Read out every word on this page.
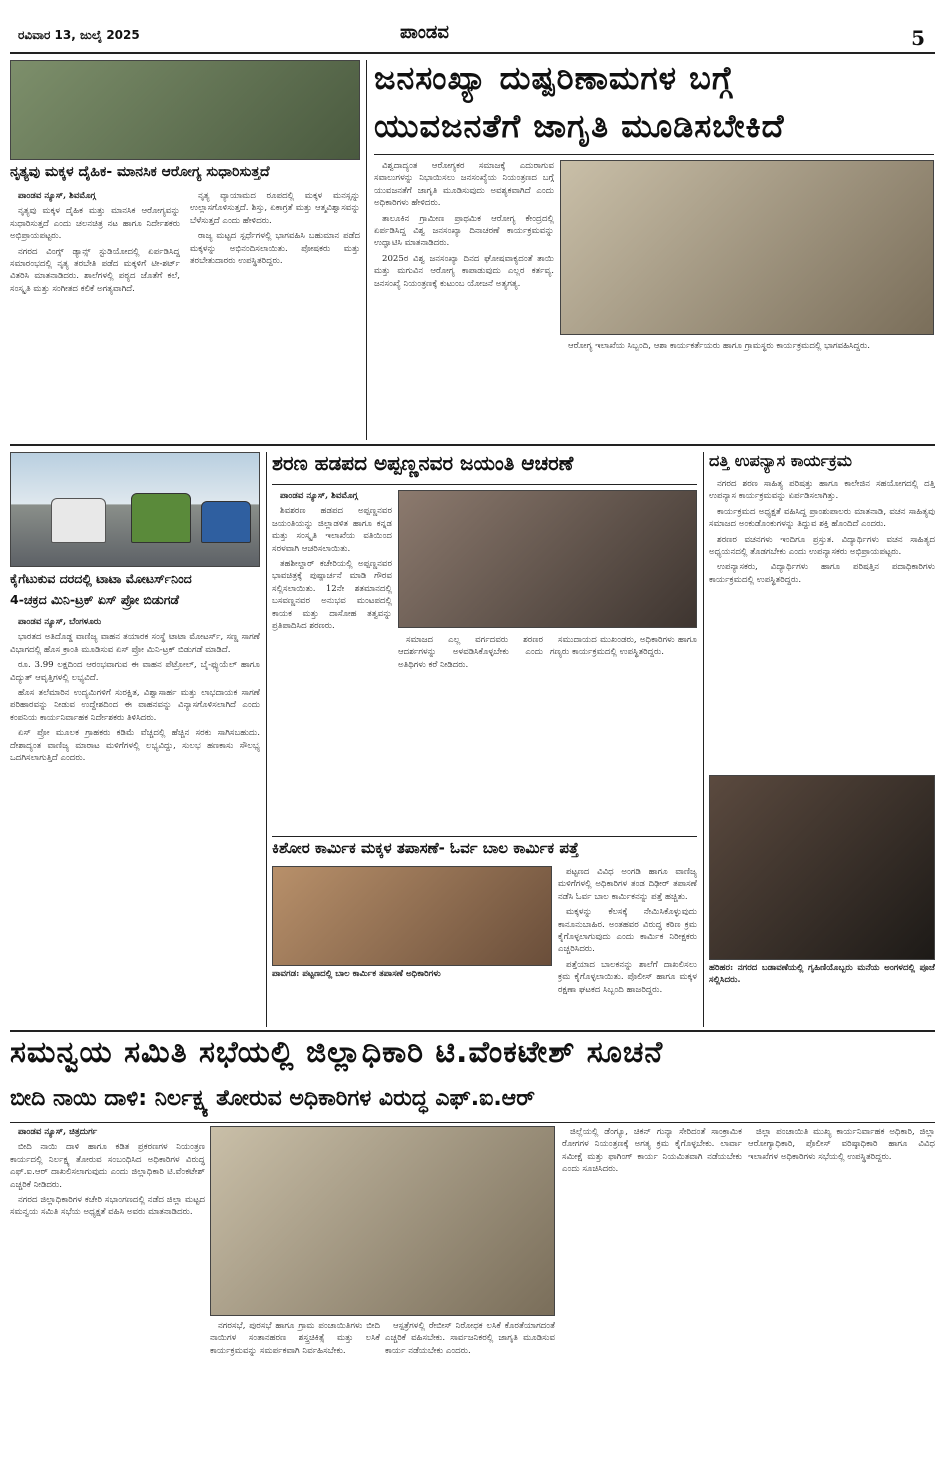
ರವಿವಾರ 13, ಜುಲೈ 2025	ಪಾಂಡವ	5
ನೃತ್ಯವು ಮಕ್ಕಳ ದೈಹಿಕ- ಮಾನಸಿಕ ಆರೋಗ್ಯ ಸುಧಾರಿಸುತ್ತದೆ

ಪಾಂಡವ ನ್ಯೂಸ್, ಶಿವಮೊಗ್ಗ

ನೃತ್ಯವು ಮಕ್ಕಳ ದೈಹಿಕ ಮತ್ತು ಮಾನಸಿಕ ಆರೋಗ್ಯವನ್ನು ಸುಧಾರಿಸುತ್ತದೆ ಎಂದು ಚಲನಚಿತ್ರ ನಟ ಹಾಗೂ ನಿರ್ದೇಶಕರು ಅಭಿಪ್ರಾಯಪಟ್ಟರು.

ನಗರದ ವಿಂಗ್ಸ್ ಡ್ಯಾನ್ಸ್ ಸ್ಟುಡಿಯೋದಲ್ಲಿ ಏರ್ಪಡಿಸಿದ್ದ ಸಮಾರಂಭದಲ್ಲಿ ನೃತ್ಯ ತರಬೇತಿ ಪಡೆದ ಮಕ್ಕಳಿಗೆ ಟೀ-ಶರ್ಟ್ ವಿತರಿಸಿ ಮಾತನಾಡಿದರು. ಶಾಲೆಗಳಲ್ಲಿ ಪಠ್ಯದ ಜೊತೆಗೆ ಕಲೆ, ಸಂಸ್ಕೃತಿ ಮತ್ತು ಸಂಗೀತದ ಕಲಿಕೆ ಅಗತ್ಯವಾಗಿದೆ.

ನೃತ್ಯ ವ್ಯಾಯಾಮದ ರೂಪದಲ್ಲಿ ಮಕ್ಕಳ ಮನಸ್ಸನ್ನು ಉಲ್ಲಾಸಗೊಳಿಸುತ್ತದೆ. ಶಿಸ್ತು, ಏಕಾಗ್ರತೆ ಮತ್ತು ಆತ್ಮವಿಶ್ವಾಸವನ್ನು ಬೆಳೆಸುತ್ತದೆ ಎಂದು ಹೇಳಿದರು.

ರಾಜ್ಯ ಮಟ್ಟದ ಸ್ಪರ್ಧೆಗಳಲ್ಲಿ ಭಾಗವಹಿಸಿ ಬಹುಮಾನ ಪಡೆದ ಮಕ್ಕಳನ್ನು ಅಭಿನಂದಿಸಲಾಯಿತು. ಪೋಷಕರು ಮತ್ತು ತರಬೇತುದಾರರು ಉಪಸ್ಥಿತರಿದ್ದರು.

ಜನಸಂಖ್ಯಾ ದುಷ್ಪರಿಣಾಮಗಳ ಬಗ್ಗೆ
ಯುವಜನತೆಗೆ ಜಾಗೃತಿ ಮೂಡಿಸಬೇಕಿದೆ

ವಿಶ್ವದಾದ್ಯಂತ ಆರೋಗ್ಯಕರ ಸಮಾಜಕ್ಕೆ ಎದುರಾಗುವ ಸವಾಲುಗಳನ್ನು ನಿಭಾಯಿಸಲು ಜನಸಂಖ್ಯೆಯ ನಿಯಂತ್ರಣದ ಬಗ್ಗೆ ಯುವಜನತೆಗೆ ಜಾಗೃತಿ ಮೂಡಿಸುವುದು ಅವಶ್ಯಕವಾಗಿದೆ ಎಂದು ಅಧಿಕಾರಿಗಳು ಹೇಳಿದರು.

ತಾಲೂಕಿನ ಗ್ರಾಮೀಣ ಪ್ರಾಥಮಿಕ ಆರೋಗ್ಯ ಕೇಂದ್ರದಲ್ಲಿ ಏರ್ಪಡಿಸಿದ್ದ ವಿಶ್ವ ಜನಸಂಖ್ಯಾ ದಿನಾಚರಣೆ ಕಾರ್ಯಕ್ರಮವನ್ನು ಉದ್ಘಾಟಿಸಿ ಮಾತನಾಡಿದರು.

2025ರ ವಿಶ್ವ ಜನಸಂಖ್ಯಾ ದಿನದ ಘೋಷವಾಕ್ಯದಂತೆ ತಾಯಿ ಮತ್ತು ಮಗುವಿನ ಆರೋಗ್ಯ ಕಾಪಾಡುವುದು ಎಲ್ಲರ ಕರ್ತವ್ಯ. ಜನಸಂಖ್ಯೆ ನಿಯಂತ್ರಣಕ್ಕೆ ಕುಟುಂಬ ಯೋಜನೆ ಅತ್ಯಗತ್ಯ.

ಆರೋಗ್ಯ ಇಲಾಖೆಯ ಸಿಬ್ಬಂದಿ, ಆಶಾ ಕಾರ್ಯಕರ್ತೆಯರು ಹಾಗೂ ಗ್ರಾಮಸ್ಥರು ಕಾರ್ಯಕ್ರಮದಲ್ಲಿ ಭಾಗವಹಿಸಿದ್ದರು.

ಕೈಗೆಟುಕುವ ದರದಲ್ಲಿ ಟಾಟಾ ಮೋಟರ್ಸ್‌ನಿಂದ
4-ಚಕ್ರದ ಮಿನಿ-ಟ್ರಕ್ ಏಸ್ ಪ್ರೋ ಬಿಡುಗಡೆ

ಪಾಂಡವ ನ್ಯೂಸ್, ಬೆಂಗಳೂರು

ಭಾರತದ ಅತಿದೊಡ್ಡ ವಾಣಿಜ್ಯ ವಾಹನ ತಯಾರಕ ಸಂಸ್ಥೆ ಟಾಟಾ ಮೋಟರ್ಸ್, ಸಣ್ಣ ಸಾಗಣೆ ವಿಭಾಗದಲ್ಲಿ ಹೊಸ ಕ್ರಾಂತಿ ಮೂಡಿಸುವ ಏಸ್ ಪ್ರೋ ಮಿನಿ-ಟ್ರಕ್ ಬಿಡುಗಡೆ ಮಾಡಿದೆ.

ರೂ. 3.99 ಲಕ್ಷದಿಂದ ಆರಂಭವಾಗುವ ಈ ವಾಹನ ಪೆಟ್ರೋಲ್, ಬೈ-ಫ್ಯುಯೆಲ್ ಹಾಗೂ ವಿದ್ಯುತ್ ಆವೃತ್ತಿಗಳಲ್ಲಿ ಲಭ್ಯವಿದೆ.

ಹೊಸ ತಲೆಮಾರಿನ ಉದ್ಯಮಿಗಳಿಗೆ ಸುರಕ್ಷಿತ, ವಿಶ್ವಾಸಾರ್ಹ ಮತ್ತು ಲಾಭದಾಯಕ ಸಾಗಣೆ ಪರಿಹಾರವನ್ನು ನೀಡುವ ಉದ್ದೇಶದಿಂದ ಈ ವಾಹನವನ್ನು ವಿನ್ಯಾಸಗೊಳಿಸಲಾಗಿದೆ ಎಂದು ಕಂಪನಿಯ ಕಾರ್ಯನಿರ್ವಾಹಕ ನಿರ್ದೇಶಕರು ತಿಳಿಸಿದರು.

ಏಸ್ ಪ್ರೋ ಮೂಲಕ ಗ್ರಾಹಕರು ಕಡಿಮೆ ವೆಚ್ಚದಲ್ಲಿ ಹೆಚ್ಚಿನ ಸರಕು ಸಾಗಿಸಬಹುದು. ದೇಶಾದ್ಯಂತ ವಾಣಿಜ್ಯ ಮಾರಾಟ ಮಳಿಗೆಗಳಲ್ಲಿ ಲಭ್ಯವಿದ್ದು, ಸುಲಭ ಹಣಕಾಸು ಸೌಲಭ್ಯ ಒದಗಿಸಲಾಗುತ್ತಿದೆ ಎಂದರು.

ಶರಣ ಹಡಪದ ಅಪ್ಪಣ್ಣನವರ ಜಯಂತಿ ಆಚರಣೆ

ಪಾಂಡವ ನ್ಯೂಸ್, ಶಿವಮೊಗ್ಗ

ಶಿವಶರಣ ಹಡಪದ ಅಪ್ಪಣ್ಣನವರ ಜಯಂತಿಯನ್ನು ಜಿಲ್ಲಾಡಳಿತ ಹಾಗೂ ಕನ್ನಡ ಮತ್ತು ಸಂಸ್ಕೃತಿ ಇಲಾಖೆಯ ವತಿಯಿಂದ ಸರಳವಾಗಿ ಆಚರಿಸಲಾಯಿತು.

ತಹಶೀಲ್ದಾರ್ ಕಚೇರಿಯಲ್ಲಿ ಅಪ್ಪಣ್ಣನವರ ಭಾವಚಿತ್ರಕ್ಕೆ ಪುಷ್ಪಾರ್ಚನೆ ಮಾಡಿ ಗೌರವ ಸಲ್ಲಿಸಲಾಯಿತು. 12ನೇ ಶತಮಾನದಲ್ಲಿ ಬಸವಣ್ಣನವರ ಅನುಭವ ಮಂಟಪದಲ್ಲಿ ಕಾಯಕ ಮತ್ತು ದಾಸೋಹ ತತ್ವವನ್ನು ಪ್ರತಿಪಾದಿಸಿದ ಶರಣರು.

ಸಮಾಜದ ಎಲ್ಲ ವರ್ಗದವರು ಶರಣರ ಆದರ್ಶಗಳನ್ನು ಅಳವಡಿಸಿಕೊಳ್ಳಬೇಕು ಎಂದು ಅತಿಥಿಗಳು ಕರೆ ನೀಡಿದರು.

ಸಮುದಾಯದ ಮುಖಂಡರು, ಅಧಿಕಾರಿಗಳು ಹಾಗೂ ಗಣ್ಯರು ಕಾರ್ಯಕ್ರಮದಲ್ಲಿ ಉಪಸ್ಥಿತರಿದ್ದರು.

ಕಿಶೋರ ಕಾರ್ಮಿಕ ಮಕ್ಕಳ ತಪಾಸಣೆ- ಓರ್ವ ಬಾಲ ಕಾರ್ಮಿಕ ಪತ್ತೆ
ಪಾವಗಡ: ಪಟ್ಟಣದಲ್ಲಿ ಬಾಲ ಕಾರ್ಮಿಕ ತಪಾಸಣೆ ಅಧಿಕಾರಿಗಳು

ಪಟ್ಟಣದ ವಿವಿಧ ಅಂಗಡಿ ಹಾಗೂ ವಾಣಿಜ್ಯ ಮಳಿಗೆಗಳಲ್ಲಿ ಅಧಿಕಾರಿಗಳ ತಂಡ ದಿಢೀರ್ ತಪಾಸಣೆ ನಡೆಸಿ ಓರ್ವ ಬಾಲ ಕಾರ್ಮಿಕನನ್ನು ಪತ್ತೆ ಹಚ್ಚಿತು.

ಮಕ್ಕಳನ್ನು ಕೆಲಸಕ್ಕೆ ನೇಮಿಸಿಕೊಳ್ಳುವುದು ಕಾನೂನುಬಾಹಿರ. ಅಂತಹವರ ವಿರುದ್ಧ ಕಠಿಣ ಕ್ರಮ ಕೈಗೊಳ್ಳಲಾಗುವುದು ಎಂದು ಕಾರ್ಮಿಕ ನಿರೀಕ್ಷಕರು ಎಚ್ಚರಿಸಿದರು.

ಪತ್ತೆಯಾದ ಬಾಲಕನನ್ನು ಶಾಲೆಗೆ ದಾಖಲಿಸಲು ಕ್ರಮ ಕೈಗೊಳ್ಳಲಾಯಿತು. ಪೊಲೀಸ್ ಹಾಗೂ ಮಕ್ಕಳ ರಕ್ಷಣಾ ಘಟಕದ ಸಿಬ್ಬಂದಿ ಹಾಜರಿದ್ದರು.

ದತ್ತಿ ಉಪನ್ಯಾಸ ಕಾರ್ಯಕ್ರಮ

ನಗರದ ಶರಣ ಸಾಹಿತ್ಯ ಪರಿಷತ್ತು ಹಾಗೂ ಕಾಲೇಜಿನ ಸಹಯೋಗದಲ್ಲಿ ದತ್ತಿ ಉಪನ್ಯಾಸ ಕಾರ್ಯಕ್ರಮವನ್ನು ಏರ್ಪಡಿಸಲಾಗಿತ್ತು.

ಕಾರ್ಯಕ್ರಮದ ಅಧ್ಯಕ್ಷತೆ ವಹಿಸಿದ್ದ ಪ್ರಾಂಶುಪಾಲರು ಮಾತನಾಡಿ, ವಚನ ಸಾಹಿತ್ಯವು ಸಮಾಜದ ಅಂಕುಡೊಂಕುಗಳನ್ನು ತಿದ್ದುವ ಶಕ್ತಿ ಹೊಂದಿದೆ ಎಂದರು.

ಶರಣರ ವಚನಗಳು ಇಂದಿಗೂ ಪ್ರಸ್ತುತ. ವಿದ್ಯಾರ್ಥಿಗಳು ವಚನ ಸಾಹಿತ್ಯದ ಅಧ್ಯಯನದಲ್ಲಿ ತೊಡಗಬೇಕು ಎಂದು ಉಪನ್ಯಾಸಕರು ಅಭಿಪ್ರಾಯಪಟ್ಟರು.

ಉಪನ್ಯಾಸಕರು, ವಿದ್ಯಾರ್ಥಿಗಳು ಹಾಗೂ ಪರಿಷತ್ತಿನ ಪದಾಧಿಕಾರಿಗಳು ಕಾರ್ಯಕ್ರಮದಲ್ಲಿ ಉಪಸ್ಥಿತರಿದ್ದರು.

ಹರಿಹರ: ನಗರದ ಬಡಾವಣೆಯಲ್ಲಿ ಗೃಹಿಣಿಯೊಬ್ಬರು ಮನೆಯ ಅಂಗಳದಲ್ಲಿ ಪೂಜೆ ಸಲ್ಲಿಸಿದರು.
ಸಮನ್ವಯ ಸಮಿತಿ ಸಭೆಯಲ್ಲಿ ಜಿಲ್ಲಾಧಿಕಾರಿ ಟಿ.ವೆಂಕಟೇಶ್ ಸೂಚನೆ
ಬೀದಿ ನಾಯಿ ದಾಳಿ: ನಿರ್ಲಕ್ಷ್ಯ ತೋರುವ ಅಧಿಕಾರಿಗಳ ವಿರುದ್ಧ ಎಫ್.ಐ.ಆರ್

ಪಾಂಡವ ನ್ಯೂಸ್, ಚಿತ್ರದುರ್ಗ

ಬೀದಿ ನಾಯಿ ದಾಳಿ ಹಾಗೂ ಕಡಿತ ಪ್ರಕರಣಗಳ ನಿಯಂತ್ರಣ ಕಾರ್ಯದಲ್ಲಿ ನಿರ್ಲಕ್ಷ್ಯ ತೋರುವ ಸಂಬಂಧಿಸಿದ ಅಧಿಕಾರಿಗಳ ವಿರುದ್ಧ ಎಫ್.ಐ.ಆರ್ ದಾಖಲಿಸಲಾಗುವುದು ಎಂದು ಜಿಲ್ಲಾಧಿಕಾರಿ ಟಿ.ವೆಂಕಟೇಶ್ ಎಚ್ಚರಿಕೆ ನೀಡಿದರು.

ನಗರದ ಜಿಲ್ಲಾಧಿಕಾರಿಗಳ ಕಚೇರಿ ಸಭಾಂಗಣದಲ್ಲಿ ನಡೆದ ಜಿಲ್ಲಾ ಮಟ್ಟದ ಸಮನ್ವಯ ಸಮಿತಿ ಸಭೆಯ ಅಧ್ಯಕ್ಷತೆ ವಹಿಸಿ ಅವರು ಮಾತನಾಡಿದರು.

ನಗರಸಭೆ, ಪುರಸಭೆ ಹಾಗೂ ಗ್ರಾಮ ಪಂಚಾಯಿತಿಗಳು ಬೀದಿ ನಾಯಿಗಳ ಸಂತಾನಹರಣ ಶಸ್ತ್ರಚಿಕಿತ್ಸೆ ಮತ್ತು ಲಸಿಕೆ ಕಾರ್ಯಕ್ರಮವನ್ನು ಸಮರ್ಪಕವಾಗಿ ನಿರ್ವಹಿಸಬೇಕು.

ಆಸ್ಪತ್ರೆಗಳಲ್ಲಿ ರೇಬೀಸ್ ನಿರೋಧಕ ಲಸಿಕೆ ಕೊರತೆಯಾಗದಂತೆ ಎಚ್ಚರಿಕೆ ವಹಿಸಬೇಕು. ಸಾರ್ವಜನಿಕರಲ್ಲಿ ಜಾಗೃತಿ ಮೂಡಿಸುವ ಕಾರ್ಯ ನಡೆಯಬೇಕು ಎಂದರು.

ಜಿಲ್ಲೆಯಲ್ಲಿ ಡೆಂಗ್ಯೂ, ಚಿಕನ್ ಗುನ್ಯಾ ಸೇರಿದಂತೆ ಸಾಂಕ್ರಾಮಿಕ ರೋಗಗಳ ನಿಯಂತ್ರಣಕ್ಕೆ ಅಗತ್ಯ ಕ್ರಮ ಕೈಗೊಳ್ಳಬೇಕು. ಲಾರ್ವಾ ಸಮೀಕ್ಷೆ ಮತ್ತು ಫಾಗಿಂಗ್ ಕಾರ್ಯ ನಿಯಮಿತವಾಗಿ ನಡೆಯಬೇಕು ಎಂದು ಸೂಚಿಸಿದರು.

ಜಿಲ್ಲಾ ಪಂಚಾಯಿತಿ ಮುಖ್ಯ ಕಾರ್ಯನಿರ್ವಾಹಕ ಅಧಿಕಾರಿ, ಜಿಲ್ಲಾ ಆರೋಗ್ಯಾಧಿಕಾರಿ, ಪೊಲೀಸ್ ವರಿಷ್ಠಾಧಿಕಾರಿ ಹಾಗೂ ವಿವಿಧ ಇಲಾಖೆಗಳ ಅಧಿಕಾರಿಗಳು ಸಭೆಯಲ್ಲಿ ಉಪಸ್ಥಿತರಿದ್ದರು.
